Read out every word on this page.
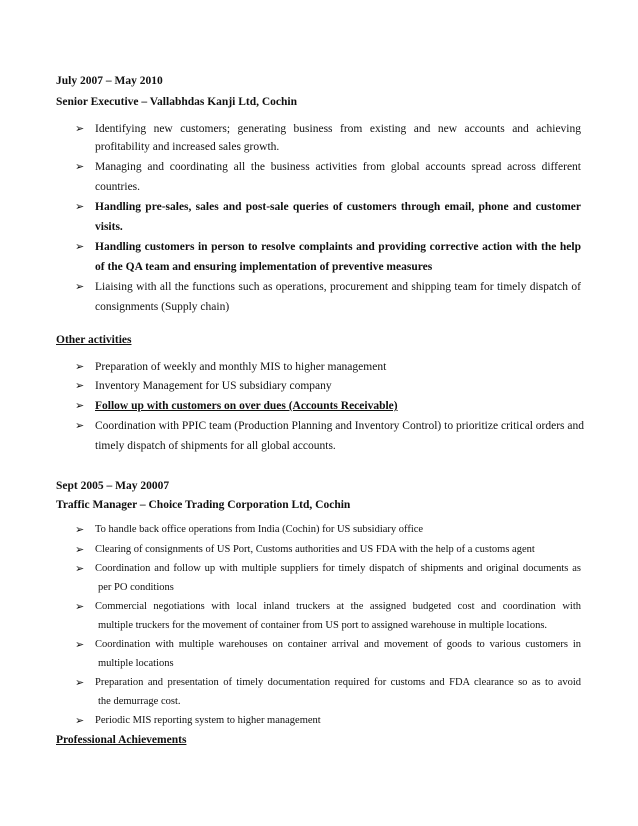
July 2007 – May 2010
Senior Executive – Vallabhdas Kanji Ltd, Cochin
➢ Identifying new customers; generating business from existing and new accounts and achieving
profitability and increased sales growth.
➢ Managing and coordinating all the business activities from global accounts spread across different
countries.
➢ Handling pre-sales, sales and post-sale queries of customers through email, phone and customer
visits.
➢ Handling customers in person to resolve complaints and providing corrective action with the help
of the QA team and ensuring implementation of preventive measures
➢ Liaising with all the functions such as operations, procurement and shipping team for timely dispatch of
consignments (Supply chain)
Other activities
➢ Preparation of weekly and monthly MIS to higher management
➢ Inventory Management for US subsidiary company
➢ Follow up with customers on over dues (Accounts Receivable)
➢ Coordination with PPIC team (Production Planning and Inventory Control) to prioritize critical orders and
timely dispatch of shipments for all global accounts.
Sept 2005 – May 20007
Traffic Manager – Choice Trading Corporation Ltd, Cochin
➢ To handle back office operations from India (Cochin) for US subsidiary office
➢ Clearing of consignments of US Port, Customs authorities and US FDA with the help of a customs agent
➢ Coordination and follow up with multiple suppliers for timely dispatch of shipments and original documents as
per PO conditions
➢ Commercial negotiations with local inland truckers at the assigned budgeted cost and coordination with
multiple truckers for the movement of container from US port to assigned warehouse in multiple locations.
➢ Coordination with multiple warehouses on container arrival and movement of goods to various customers in
multiple locations
➢ Preparation and presentation of timely documentation required for customs and FDA clearance so as to avoid
the demurrage cost.
➢ Periodic MIS reporting system to higher management
Professional Achievements
